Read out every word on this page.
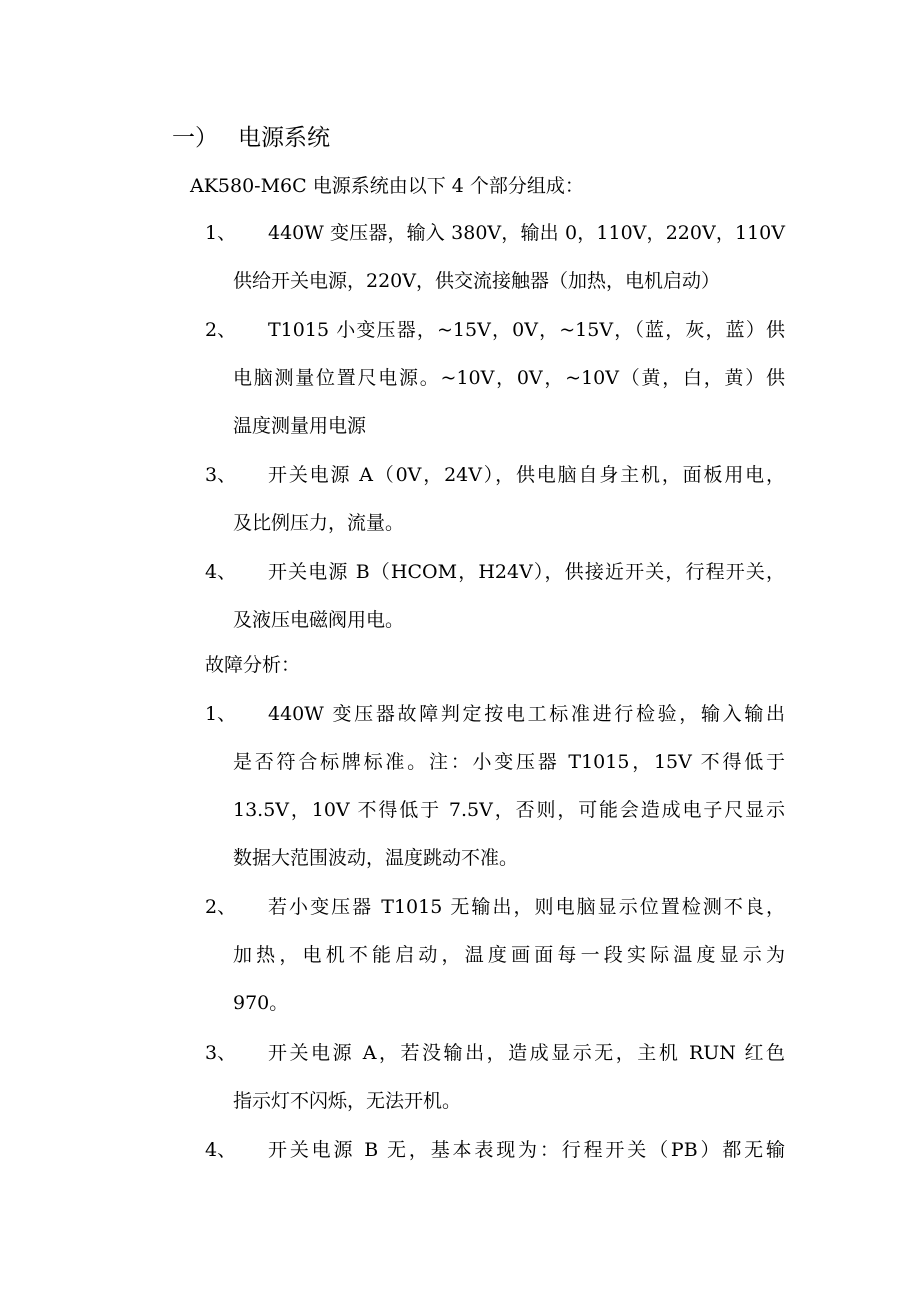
一） 电源系统
AK580-M6C 电源系统由以下 4 个部分组成：
1、 440W 变压器，输入 380V，输出 0，110V，220V，110V
供给开关电源，220V，供交流接触器（加热，电机启动）
2、 T1015 小变压器，~15V，0V，~15V，（蓝，灰，蓝）供
电脑测量位置尺电源。~10V，0V，~10V（黄，白，黄）供
温度测量用电源
3、 开关电源 A（0V，24V），供电脑自身主机，面板用电，
及比例压力，流量。
4、 开关电源 B（HCOM，H24V），供接近开关，行程开关，
及液压电磁阀用电。
故障分析：
1、 440W 变压器故障判定按电工标准进行检验，输入输出
是否符合标牌标准。注：小变压器 T1015，15V 不得低于
13.5V，10V 不得低于 7.5V，否则，可能会造成电子尺显示
数据大范围波动，温度跳动不准。
2、 若小变压器 T1015 无输出，则电脑显示位置检测不良，
加热，电机不能启动，温度画面每一段实际温度显示为
970。
3、 开关电源 A，若没输出，造成显示无，主机 RUN 红色
指示灯不闪烁，无法开机。
4、 开关电源 B 无，基本表现为：行程开关（PB）都无输
